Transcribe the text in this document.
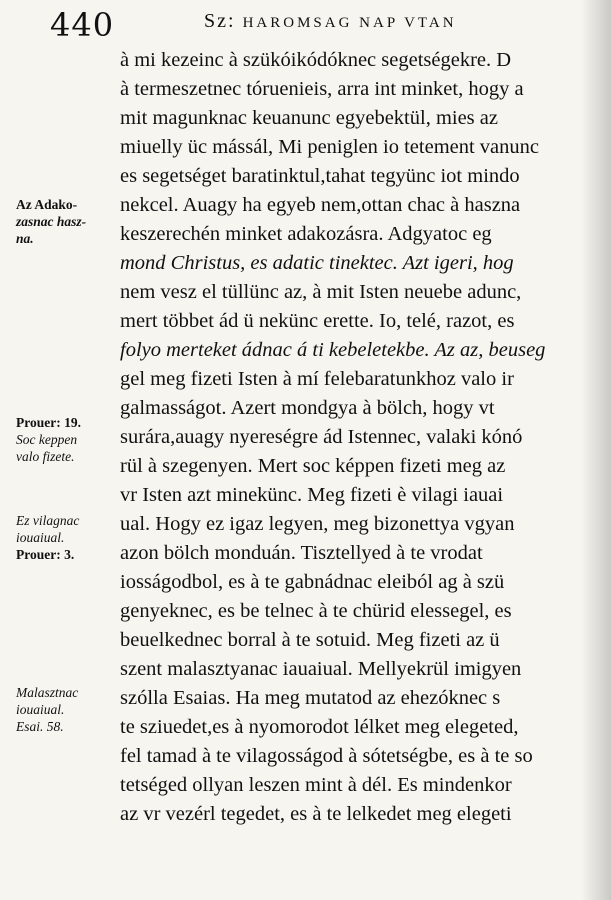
440	Sz: HAROMSAG NAP VTAN
Az Adako-
zasnac hasz-
na.
Prouer: 19.
Soc keppen
valo fizete.
Ez vilagnac
iouaiual.
Prouer: 3.
Malasztnac
iouaiual.
Esai. 58.
à mi kezeinc à szükóikódóknec segetségekre. D
à termeszetnec tóruenieis, arra int minket, hogy a
mit magunknac keuanunc egyebektül, mies az
miuelly üc mássál, Mi peniglen io tetement vanunc
es segetséget baratinktul,tahat tegyünc iot mindo
nekcel. Auagy ha egyeb nem,ottan chac à haszna
keszerechén minket adakozásra. Adgyatoc eg
mond Christus, es adatic tinektec. Azt igeri, hog
nem vesz el tüllünc az, à mit Isten neuebe adunc,
mert többet ád ü nekünc erette. Io, telé, razot, es
folyo merteket ádnac á ti kebeletekbe. Az az, beuseg
gel meg fizeti Isten à mí felebaratunkhoz valo ir
galmasságot. Azert mondgya à bölch, hogy vt
surára,auagy nyereségre ád Istennec, valaki kónó
rül à szegenyen. Mert soc képpen fizeti meg az
vr Isten azt minekünc. Meg fizeti è vilagi iauai
ual. Hogy ez igaz legyen, meg bizonettya vgyan
azon bölch monduán. Tisztellyed à te vrodat
iosságodbol, es à te gabnádnac eleiból ag à szü
genyeknec, es be telnec à te chürid elessegel, es
beuelkednec borral à te sotuid. Meg fizeti az ü
szent malasztyanac iauaiual. Mellyekrül imigyen
szólla Esaias. Ha meg mutatod az ehezóknec s
te sziuedet,es à nyomorodot lélket meg elegeted,
fel tamad à te vilagosságod à sótetségbe, es à te so
tetséged ollyan leszen mint à dél. Es mindenkor
az vr vezérl tegedet, es à te lelkedet meg elegeti
